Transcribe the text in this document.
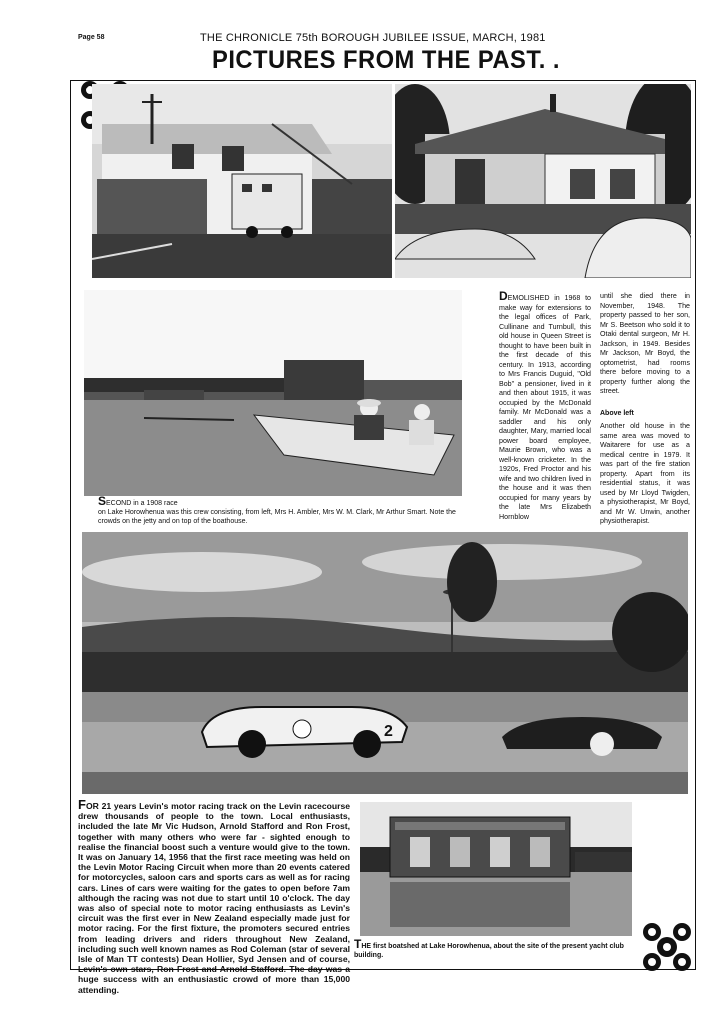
Page 58	THE CHRONICLE 75th BOROUGH JUBILEE ISSUE, MARCH, 1981
PICTURES FROM THE PAST. .
DEMOLISHED in 1968 to make way for extensions to the legal offices of Park, Cullinane and Turnbull, this old house in Queen Street is thought to have been built in the first decade of this century. In 1913, according to Mrs Francis Duguid, "Old Bob" a pensioner, lived in it and then about 1915, it was occupied by the McDonald family. Mr McDonald was a saddler and his only daughter, Mary, married local power board employee, Maurie Brown, who was a well-known cricketer. In the 1920s, Fred Proctor and his wife and two children lived in the house and it was then occupied for many years by the late Mrs Elizabeth Hornblow
until she died there in November, 1948. The property passed to her son, Mr S. Beetson who sold it to Otaki dental surgeon, Mr H. Jackson, in 1949. Besides Mr Jackson, Mr Boyd, the optometrist, had rooms there before moving to a property further along the street.
Above left
Another old house in the same area was moved to Waitarere for use as a medical centre in 1979. It was part of the fire station property. Apart from its residential status, it was used by Mr Lloyd Twigden, a physiotherapist, Mr Boyd, and Mr W. Unwin, another physiotherapist.
SECOND in a 1908 race
on Lake Horowhenua was this crew consisting, from left, Mrs H. Ambler, Mrs W. M. Clark, Mr Arthur Smart. Note the crowds on the jetty and on top of the boathouse.
2
FOR 21 years Levin's motor racing track on the Levin racecourse drew thousands of people to the town. Local enthusiasts, included the late Mr Vic Hudson, Arnold Stafford and Ron Frost, together with many others who were far - sighted enough to realise the financial boost such a venture would give to the town. It was on January 14, 1956 that the first race meeting was held on the Levin Motor Racing Circuit when more than 20 events catered for motorcycles, saloon cars and sports cars as well as for racing cars. Lines of cars were waiting for the gates to open before 7am although the racing was not due to start until 10 o'clock. The day was also of special note to motor racing enthusiasts as Levin's circuit was the first ever in New Zealand especially made just for motor racing. For the first fixture, the promoters secured entries from leading drivers and riders throughout New Zealand, including such well known names as Rod Coleman (star of several Isle of Man TT contests) Dean Hollier, Syd Jensen and of course, Levin's own stars, Ron Frost and Arnold Stafford. The day was a huge success with an enthusiastic crowd of more than 15,000 attending.
THE first boatshed at Lake Horowhenua, about the site of the present yacht club building.
